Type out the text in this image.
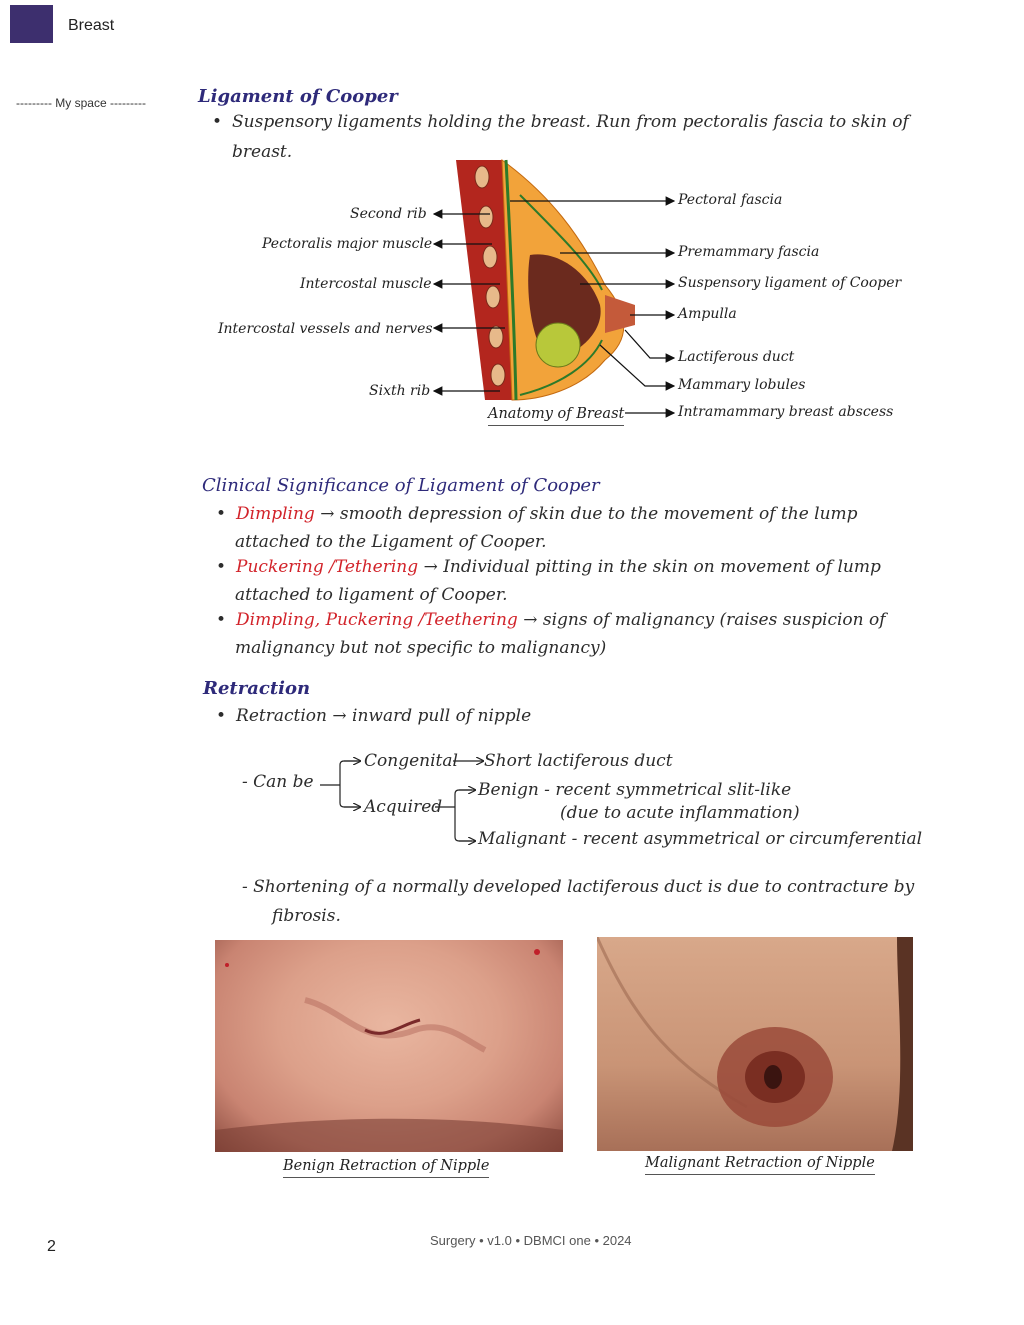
Breast
--------- My space ---------	Ligament of Cooper
• Suspensory ligaments holding the breast. Run from pectoralis fascia to skin of
breast.
Second rib
Pectoralis major muscle
Intercostal muscle
Intercostal vessels and nerves
Sixth rib
Pectoral fascia
Premammary fascia
Suspensory ligament of Cooper
Ampulla
Lactiferous duct
Mammary lobules
Intramammary breast abscess
Anatomy of Breast
Clinical Significance of Ligament of Cooper
• Dimpling → smooth depression of skin due to the movement of the lump
attached to the Ligament of Cooper.
• Puckering /Tethering → Individual pitting in the skin on movement of lump
attached to ligament of Cooper.
• Dimpling, Puckering /Teethering → signs of malignancy (raises suspicion of
malignancy but not specific to malignancy)
Retraction
• Retraction → inward pull of nipple
- Can be
Congenital Short lactiferous duct
Acquired
Benign - recent symmetrical slit-like
(due to acute inflammation)
Malignant - recent asymmetrical or circumferential
- Shortening of a normally developed lactiferous duct is due to contracture by
fibrosis.
Benign Retraction of Nipple	Malignant Retraction of Nipple
2	Surgery • v1.0 • DBMCI one • 2024
